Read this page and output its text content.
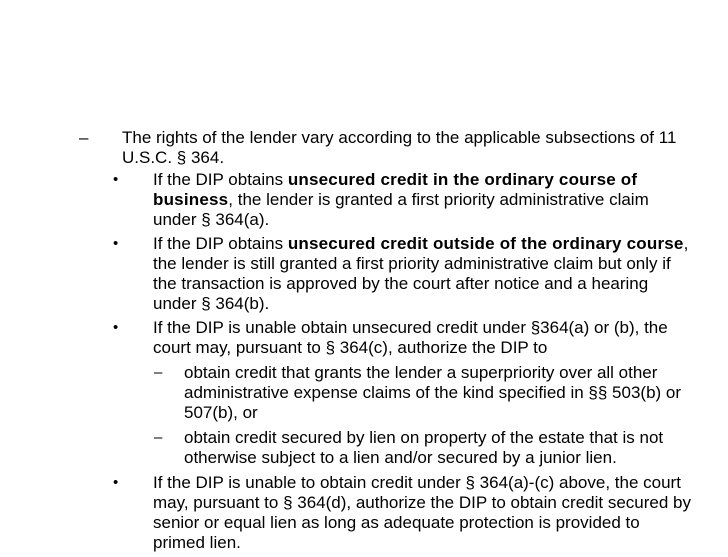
– The rights of the lender vary according to the applicable subsections of 11 U.S.C. § 364.
• If the DIP obtains unsecured credit in the ordinary course of business, the lender is granted a first priority administrative claim under § 364(a).
• If the DIP obtains unsecured credit outside of the ordinary course, the lender is still granted a first priority administrative claim but only if the transaction is approved by the court after notice and a hearing under § 364(b).
• If the DIP is unable obtain unsecured credit under §364(a) or (b), the court may, pursuant to § 364(c), authorize the DIP to
– obtain credit that grants the lender a superpriority over all other administrative expense claims of the kind specified in §§ 503(b) or 507(b), or
– obtain credit secured by lien on property of the estate that is not otherwise subject to a lien and/or secured by a junior lien.
• If the DIP is unable to obtain credit under § 364(a)-(c) above, the court may, pursuant to § 364(d), authorize the DIP to obtain credit secured by senior or equal lien as long as adequate protection is provided to primed lien.
